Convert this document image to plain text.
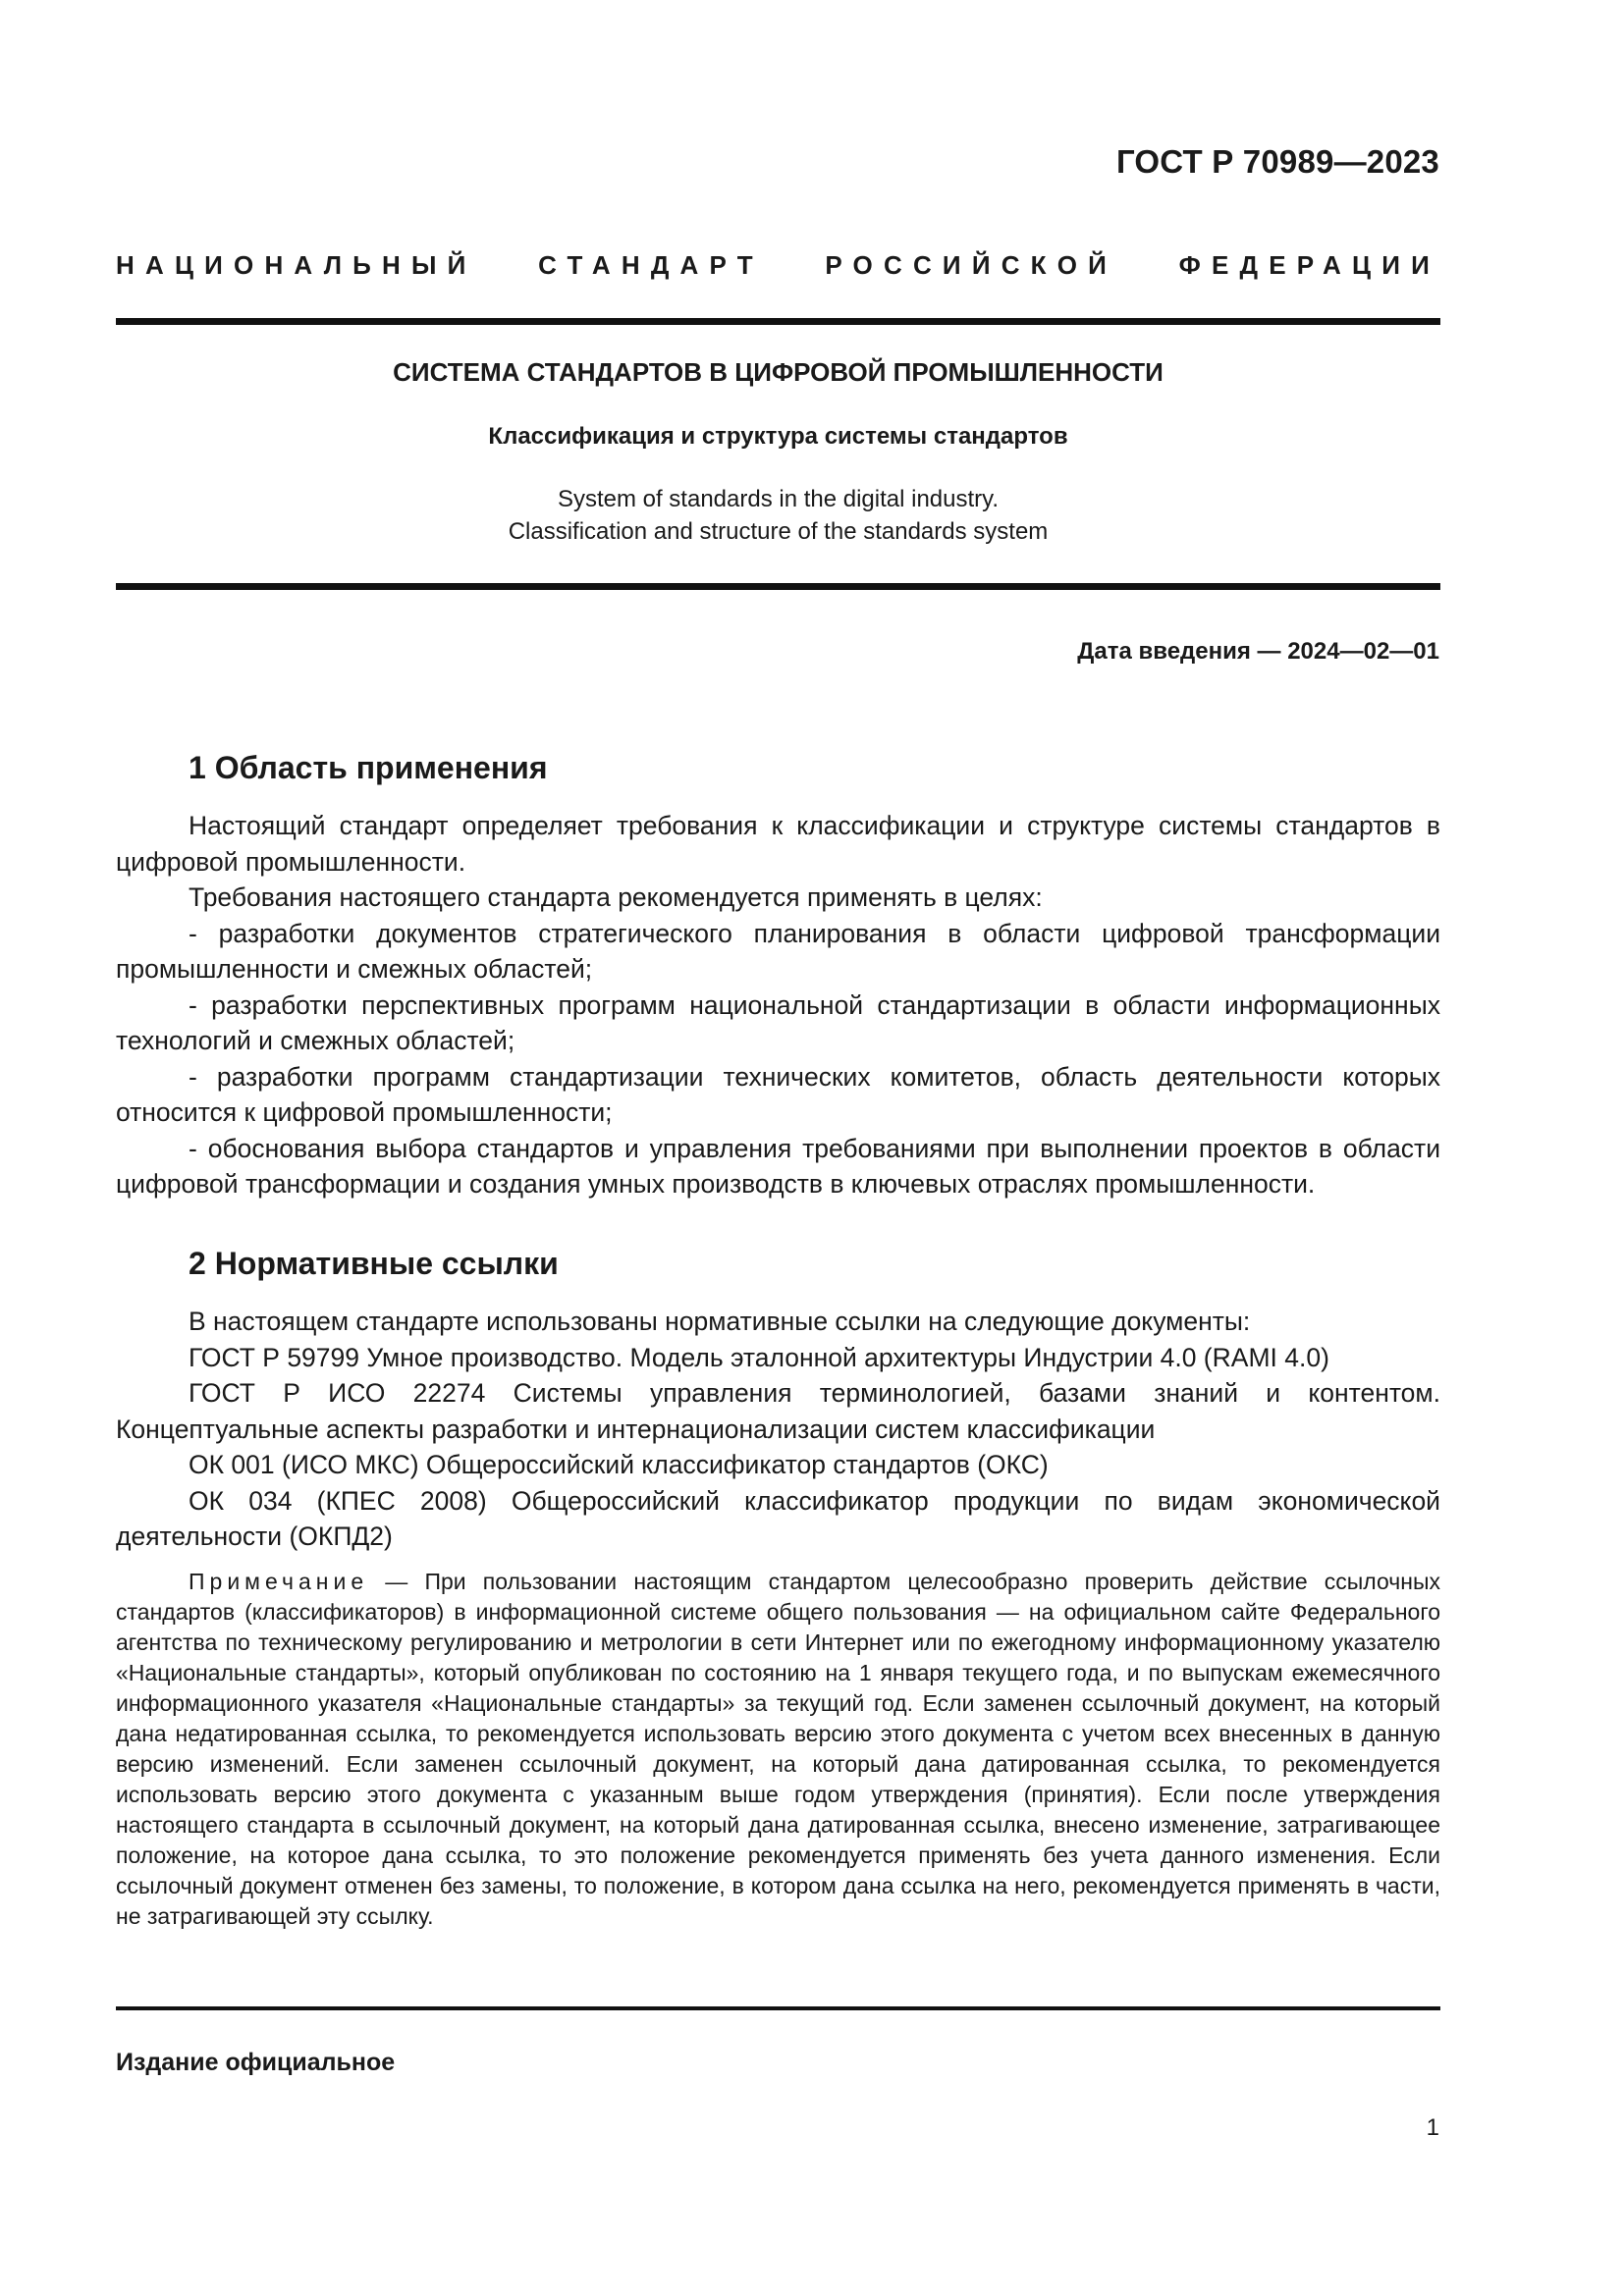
ГОСТ Р 70989—2023
НАЦИОНАЛЬНЫЙ СТАНДАРТ РОССИЙСКОЙ ФЕДЕРАЦИИ
СИСТЕМА СТАНДАРТОВ В ЦИФРОВОЙ ПРОМЫШЛЕННОСТИ
Классификация и структура системы стандартов
System of standards in the digital industry.
Classification and structure of the standards system
Дата введения — 2024—02—01
1 Область применения

Настоящий стандарт определяет требования к классификации и структуре системы стандартов в цифровой промышленности.

Требования настоящего стандарта рекомендуется применять в целях:

- разработки документов стратегического планирования в области цифровой трансформации промышленности и смежных областей;

- разработки перспективных программ национальной стандартизации в области информационных технологий и смежных областей;

- разработки программ стандартизации технических комитетов, область деятельности которых относится к цифровой промышленности;

- обоснования выбора стандартов и управления требованиями при выполнении проектов в области цифровой трансформации и создания умных производств в ключевых отраслях промышленности.

2 Нормативные ссылки

В настоящем стандарте использованы нормативные ссылки на следующие документы:

ГОСТ Р 59799 Умное производство. Модель эталонной архитектуры Индустрии 4.0 (RAMI 4.0)

ГОСТ Р ИСО 22274 Системы управления терминологией, базами знаний и контентом. Концептуальные аспекты разработки и интернационализации систем классификации

ОК 001 (ИСО МКС) Общероссийский классификатор стандартов (ОКС)

ОК 034 (КПЕС 2008) Общероссийский классификатор продукции по видам экономической деятельности (ОКПД2)

Примечание — При пользовании настоящим стандартом целесообразно проверить действие ссылочных стандартов (классификаторов) в информационной системе общего пользования — на официальном сайте Федерального агентства по техническому регулированию и метрологии в сети Интернет или по ежегодному информационному указателю «Национальные стандарты», который опубликован по состоянию на 1 января текущего года, и по выпускам ежемесячного информационного указателя «Национальные стандарты» за текущий год. Если заменен ссылочный документ, на который дана недатированная ссылка, то рекомендуется использовать версию этого документа с учетом всех внесенных в данную версию изменений. Если заменен ссылочный документ, на который дана датированная ссылка, то рекомендуется использовать версию этого документа с указанным выше годом утверждения (принятия). Если после утверждения настоящего стандарта в ссылочный документ, на который дана датированная ссылка, внесено изменение, затрагивающее положение, на которое дана ссылка, то это положение рекомендуется применять без учета данного изменения. Если ссылочный документ отменен без замены, то положение, в котором дана ссылка на него, рекомендуется применять в части, не затрагивающей эту ссылку.

Издание официальное
1
